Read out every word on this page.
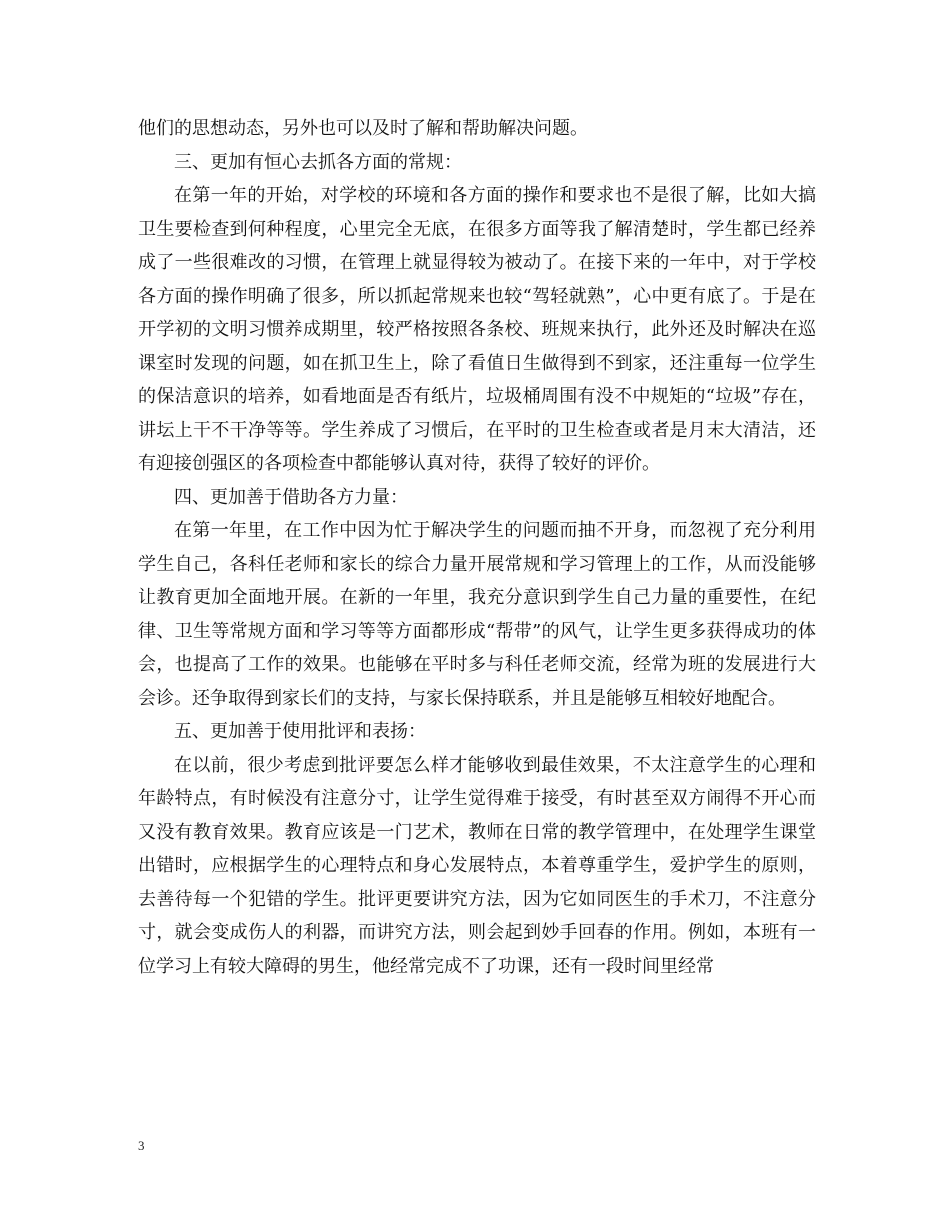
他们的思想动态，另外也可以及时了解和帮助解决问题。

三、更加有恒心去抓各方面的常规：

在第一年的开始，对学校的环境和各方面的操作和要求也不是很了解，比如大搞卫生要检查到何种程度，心里完全无底，在很多方面等我了解清楚时，学生都已经养成了一些很难改的习惯，在管理上就显得较为被动了。在接下来的一年中，对于学校各方面的操作明确了很多，所以抓起常规来也较“驾轻就熟”，心中更有底了。于是在开学初的文明习惯养成期里，较严格按照各条校、班规来执行，此外还及时解决在巡课室时发现的问题，如在抓卫生上，除了看值日生做得到不到家，还注重每一位学生的保洁意识的培养，如看地面是否有纸片，垃圾桶周围有没不中规矩的“垃圾”存在，讲坛上干不干净等等。学生养成了习惯后，在平时的卫生检查或者是月末大清洁，还有迎接创强区的各项检查中都能够认真对待，获得了较好的评价。

四、更加善于借助各方力量：

在第一年里，在工作中因为忙于解决学生的问题而抽不开身，而忽视了充分利用学生自己，各科任老师和家长的综合力量开展常规和学习管理上的工作，从而没能够让教育更加全面地开展。在新的一年里，我充分意识到学生自己力量的重要性，在纪律、卫生等常规方面和学习等等方面都形成“帮带”的风气，让学生更多获得成功的体会，也提高了工作的效果。也能够在平时多与科任老师交流，经常为班的发展进行大会诊。还争取得到家长们的支持，与家长保持联系，并且是能够互相较好地配合。

五、更加善于使用批评和表扬：

在以前，很少考虑到批评要怎么样才能够收到最佳效果，不太注意学生的心理和年龄特点，有时候没有注意分寸，让学生觉得难于接受，有时甚至双方闹得不开心而又没有教育效果。教育应该是一门艺术，教师在日常的教学管理中，在处理学生课堂出错时，应根据学生的心理特点和身心发展特点，本着尊重学生，爱护学生的原则，去善待每一个犯错的学生。批评更要讲究方法，因为它如同医生的手术刀，不注意分寸，就会变成伤人的利器，而讲究方法，则会起到妙手回春的作用。例如，本班有一位学习上有较大障碍的男生，他经常完成不了功课，还有一段时间里经常

3
